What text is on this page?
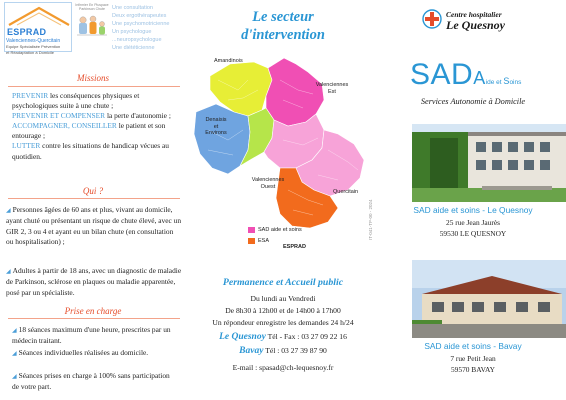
ESPRAD
Valenciennes-Quercitain
Equipe Spécialisée Prévention
et Réadaptation à Domicile
Infirmier En Pluspace Parkinson Chute	Une consultation
Deux ergothérapeutes
Une psychomotricienne
Un psychologue
...neuropsychologue
Une diététicienne
Missions
PREVENIR les conséquences physiques et psychologiques suite à une chute ;
PREVENIR ET COMPENSER la perte d'autonomie ;
ACCOMPAGNER, CONSEILLER le patient et son entourage ;
LUTTER contre les situations de handicap vécues au quotidien.
Qui ?
◢ Personnes âgées de 60 ans et plus, vivant au domicile, ayant chuté ou présentant un risque de chute élevé, avec un GIR 2, 3 ou 4 et ayant eu un bilan chute (en consultation ou hospitalisation) ;
◢ Adultes à partir de 18 ans, avec un diagnostic de maladie de Parkinson, sclérose en plaques ou maladie apparentée, posé par un spécialiste.
Prise en charge
◢ 18 séances maximum d'une heure, prescrites par un médecin traitant.
◢ Séances individuelles réalisées au domicile.
◢ Séances prises en charge à 100% sans participation de votre part.
Le secteur
d'intervention
Amandinois
Denaisis
et
Environs
Valenciennes
Est
Valenciennes
Ouest
Quercitain
SAD aide et soins
ESA
ESPRAD
IT-041-TP-00 - 2024
Permanence et Accueil public
Du lundi au Vendredi
De 8h30 à 12h00 et de 14h00 à 17h00
Un répondeur enregistre les demandes 24 h/24
Le Quesnoy Tél - Fax : 03 27 09 22 16
Bavay Tél : 03 27 39 87 90
E-mail : spasad@ch-lequesnoy.fr
Centre hospitalier
Le Quesnoy
SADAide et Soins
Services Autonomie à Domicile
SAD aide et soins - Le Quesnoy
25 rue Jean Jaurès
59530 LE QUESNOY
SAD aide et soins - Bavay
7 rue Petit Jean
59570 BAVAY
